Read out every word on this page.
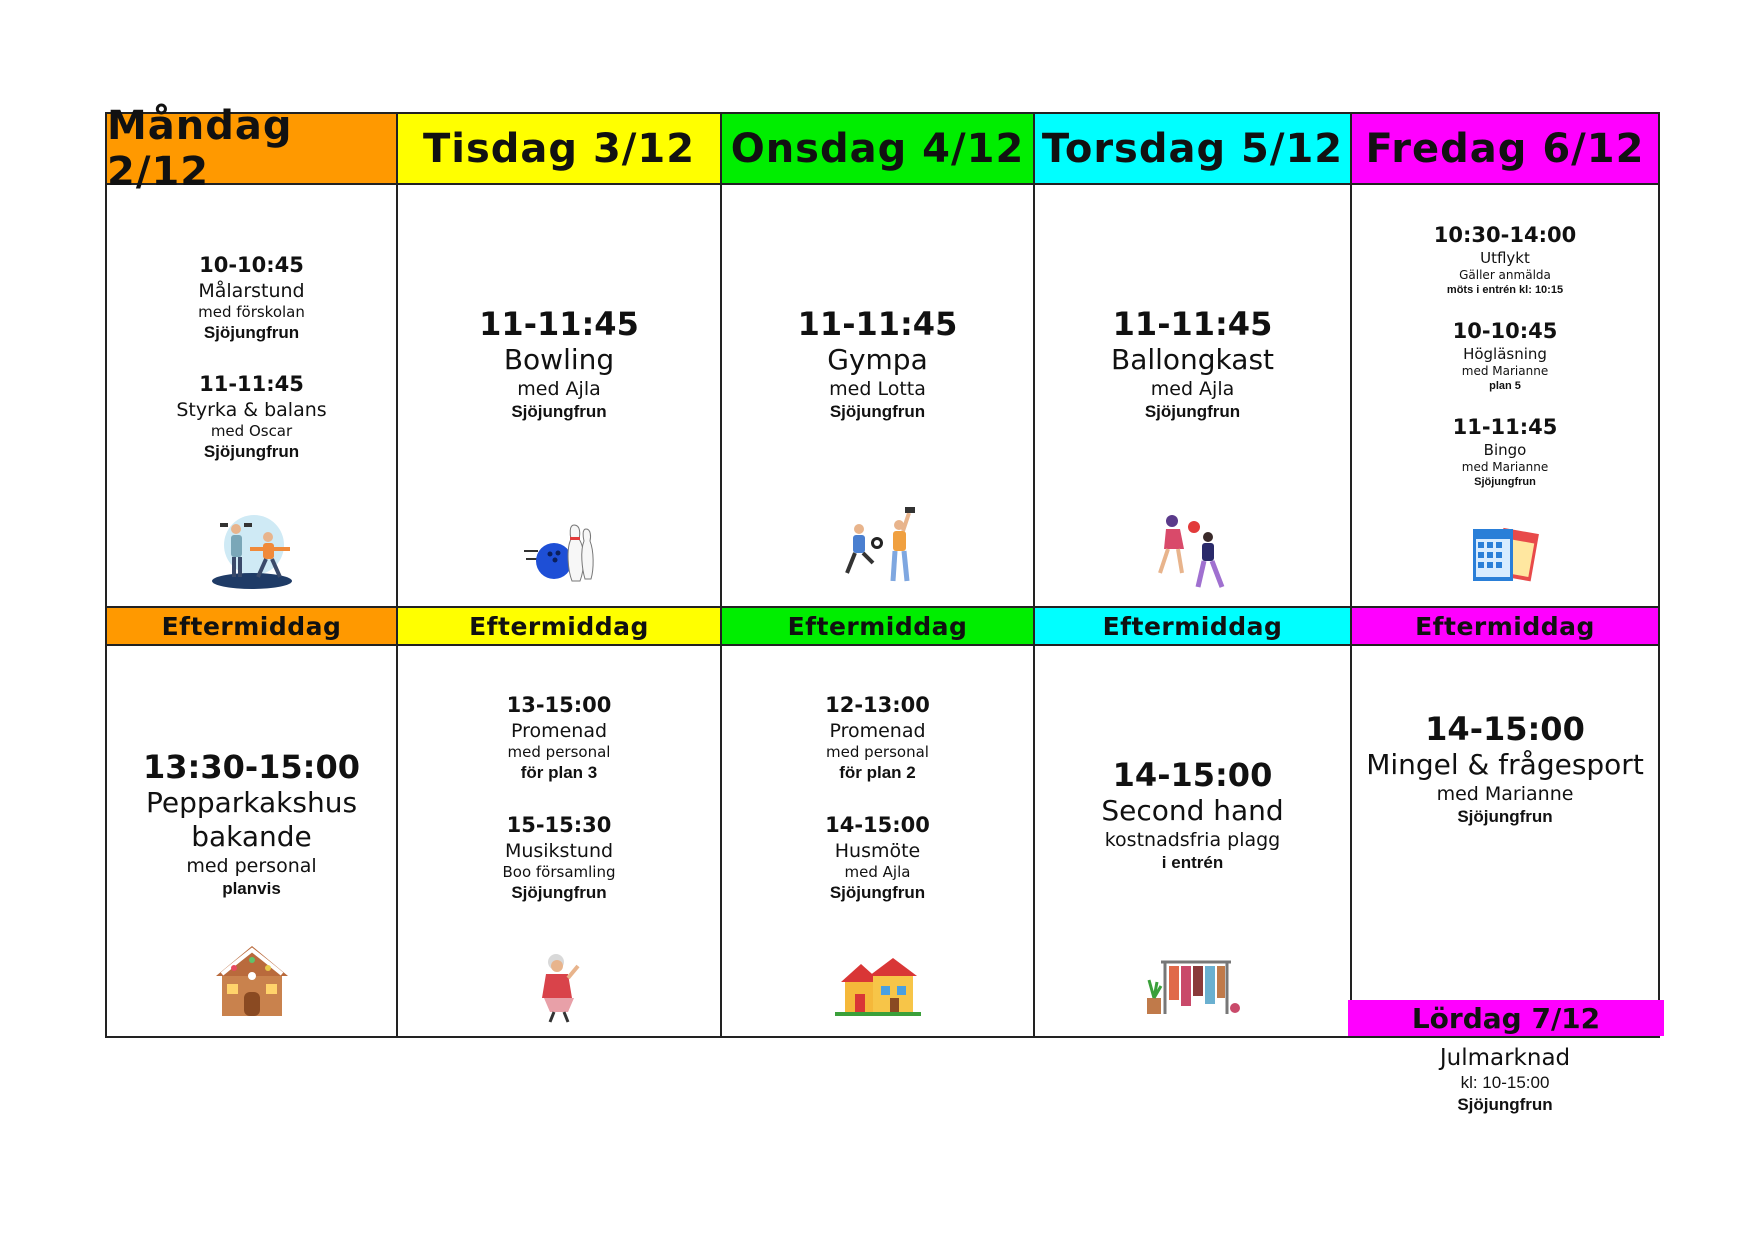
Måndag 2/12
10-10:45
Målarstund
med förskolan
Sjöjungfrun
11-11:45
Styrka & balans
med Oscar
Sjöjungfrun
Eftermiddag
13:30-15:00
Pepparkakshus
bakande
med personal
planvis
Tisdag 3/12
11-11:45
Bowling
med Ajla
Sjöjungfrun
Eftermiddag
13-15:00
Promenad
med personal
för plan 3
15-15:30
Musikstund
Boo församling
Sjöjungfrun
Onsdag 4/12
11-11:45
Gympa
med Lotta
Sjöjungfrun
Eftermiddag
12-13:00
Promenad
med personal
för plan 2
14-15:00
Husmöte
med Ajla
Sjöjungfrun
Torsdag 5/12
11-11:45
Ballongkast
med Ajla
Sjöjungfrun
Eftermiddag
14-15:00
Second hand
kostnadsfria plagg
i entrén
Fredag 6/12
10:30-14:00
Utflykt
Gäller anmälda
möts i entrén kl: 10:15
10-10:45
Högläsning
med Marianne
plan 5
11-11:45
Bingo
med Marianne
Sjöjungfrun
Eftermiddag
14-15:00
Mingel & frågesport
med Marianne
Sjöjungfrun
Lördag 7/12
Julmarknad
kl: 10-15:00
Sjöjungfrun
